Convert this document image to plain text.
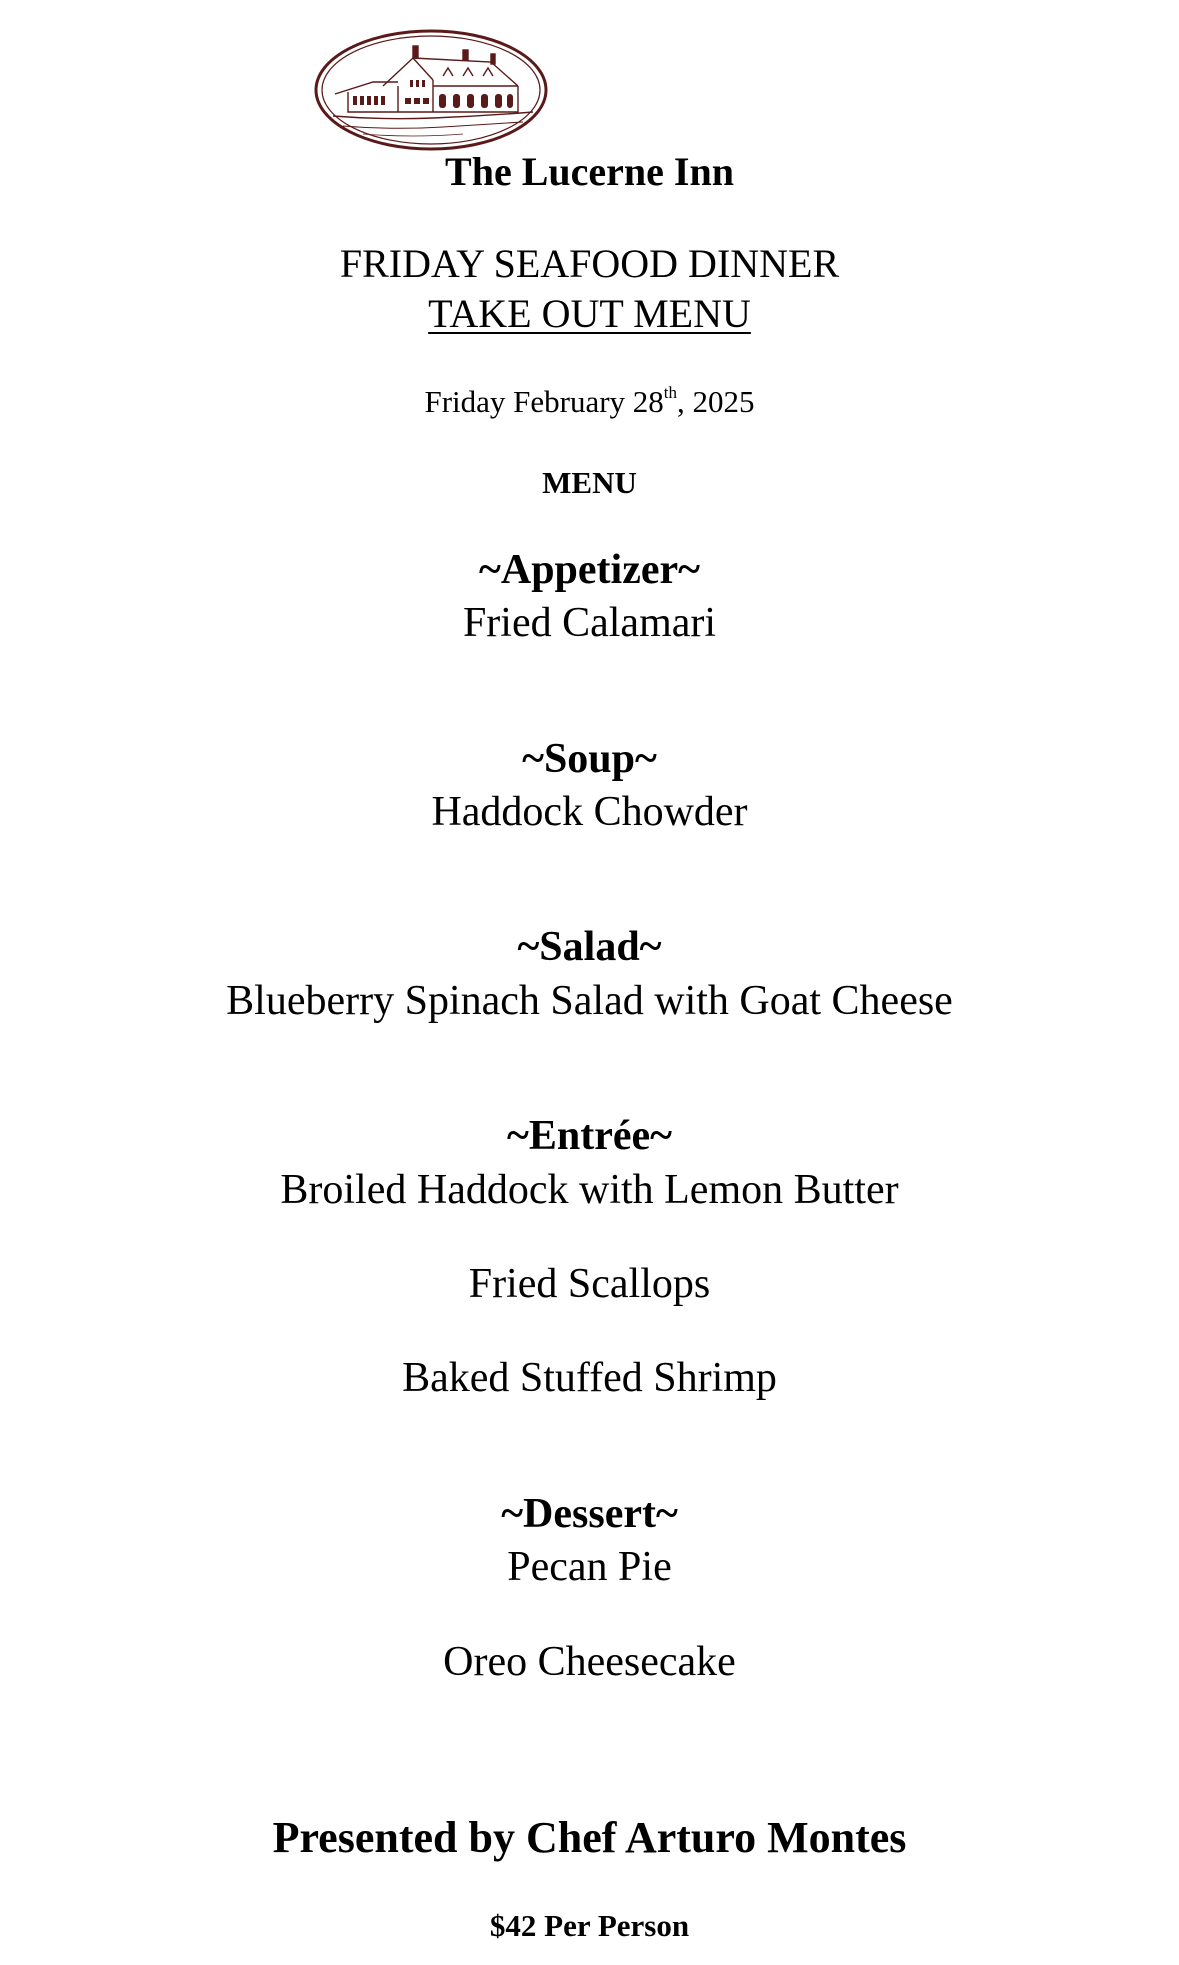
The Lucerne Inn
FRIDAY SEAFOOD DINNER
TAKE OUT MENU
Friday February 28th, 2025
MENU
~Appetizer~
Fried Calamari
~Soup~
Haddock Chowder
~Salad~
Blueberry Spinach Salad with Goat Cheese
~Entrée~
Broiled Haddock with Lemon Butter
Fried Scallops
Baked Stuffed Shrimp
~Dessert~
Pecan Pie
Oreo Cheesecake
Presented by Chef Arturo Montes
$42 Per Person
